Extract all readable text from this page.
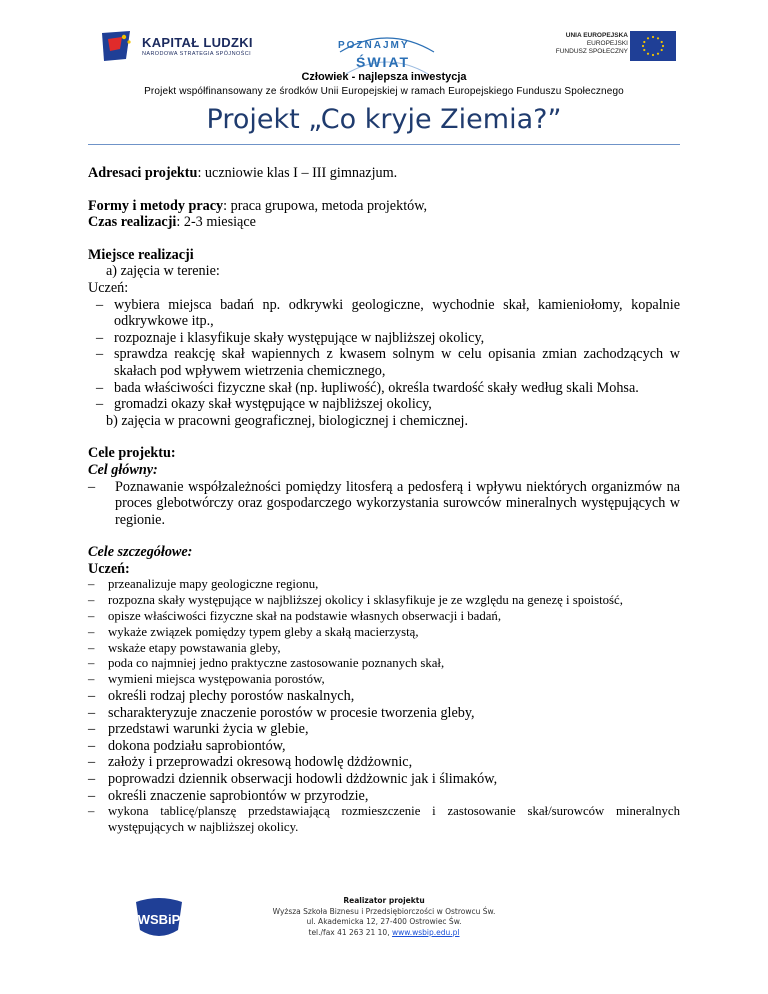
KAPITAŁ LUDZKI
NARODOWA STRATEGIA SPÓJNOŚCI
POZNAJMY
ŚWIAT
UNIA EUROPEJSKA
EUROPEJSKI
FUNDUSZ SPOŁECZNY
Człowiek - najlepsza inwestycja
Projekt współfinansowany ze środków Unii Europejskiej w ramach Europejskiego Funduszu Społecznego
Projekt „Co kryje Ziemia?”

Adresaci projektu: uczniowie klas I – III gimnazjum.

Formy i metody pracy: praca grupowa, metoda projektów,

Czas realizacji: 2-3 miesiące

Miejsce realizacji

a) zajęcia w terenie:

Uczeń:

– wybiera miejsca badań np. odkrywki geologiczne, wychodnie skał, kamieniołomy, kopalnie odkrywkowe itp.,

– rozpoznaje i klasyfikuje skały występujące w najbliższej okolicy,

– sprawdza reakcję skał wapiennych z kwasem solnym w celu opisania zmian zachodzących w skałach pod wpływem wietrzenia chemicznego,

– bada właściwości fizyczne skał (np. łupliwość), określa twardość skały według skali Mohsa.

– gromadzi okazy skał występujące w najbliższej okolicy,

b) zajęcia w pracowni geograficznej, biologicznej i chemicznej.

Cele projektu:

Cel główny:

– Poznawanie współzależności pomiędzy litosferą a pedosferą i wpływu niektórych organizmów na proces glebotwórczy oraz gospodarczego wykorzystania surowców mineralnych występujących w regionie.

Cele szczegółowe:

Uczeń:

– przeanalizuje mapy geologiczne regionu,

– rozpozna skały występujące w najbliższej okolicy i sklasyfikuje je ze względu na genezę i spoistość,

– opisze właściwości fizyczne skał na podstawie własnych obserwacji i badań,

– wykaże związek pomiędzy typem gleby a skałą macierzystą,

– wskaże etapy powstawania gleby,

– poda co najmniej jedno praktyczne zastosowanie poznanych skał,

– wymieni miejsca występowania porostów,

– określi rodzaj plechy porostów naskalnych,

– scharakteryzuje znaczenie porostów w procesie tworzenia gleby,

– przedstawi warunki życia w glebie,

– dokona podziału saprobiontów,

– założy i przeprowadzi okresową hodowlę dżdżownic,

– poprowadzi dziennik obserwacji hodowli dżdżownic jak i ślimaków,

– określi znaczenie saprobiontów w przyrodzie,

– wykona tablicę/planszę przedstawiającą rozmieszczenie i zastosowanie skał/surowców mineralnych występujących w najbliższej okolicy.

WSBiP
Realizator projektu
Wyższa Szkoła Biznesu i Przedsiębiorczości w Ostrowcu Św.
ul. Akademicka 12, 27-400 Ostrowiec Św.
tel./fax 41 263 21 10, www.wsbip.edu.pl
